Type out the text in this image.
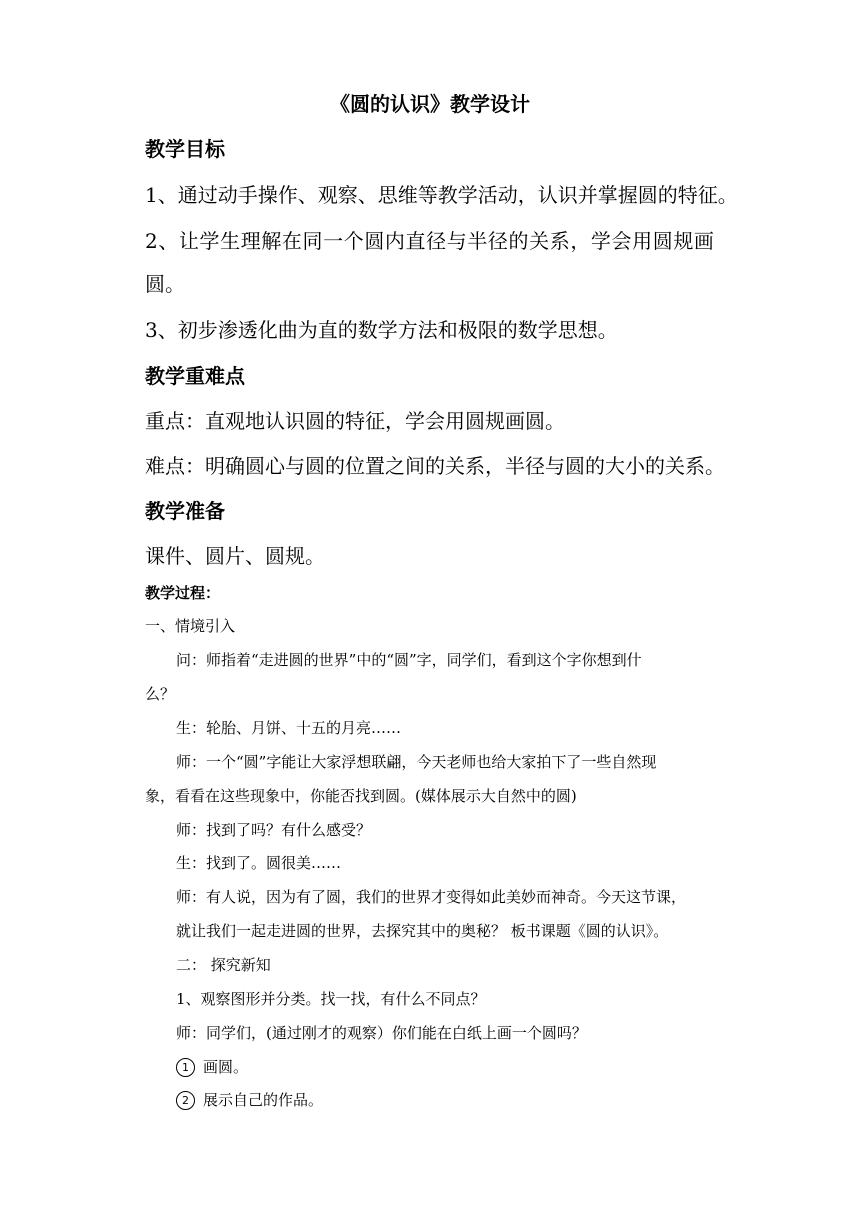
《圆的认识》教学设计
教学目标
1、通过动手操作、观察、思维等教学活动，认识并掌握圆的特征。
2、让学生理解在同一个圆内直径与半径的关系，学会用圆规画
圆。
3、初步渗透化曲为直的数学方法和极限的数学思想。
教学重难点
重点：直观地认识圆的特征，学会用圆规画圆。
难点：明确圆心与圆的位置之间的关系，半径与圆的大小的关系。
教学准备
课件、圆片、圆规。
教学过程：
一、情境引入
问：师指着“走进圆的世界”中的“圆”字，同学们，看到这个字你想到什
么？
生：轮胎、月饼、十五的月亮……
师：一个“圆”字能让大家浮想联翩，今天老师也给大家拍下了一些自然现
象，看看在这些现象中，你能否找到圆。(媒体展示大自然中的圆)
师：找到了吗？有什么感受？
生：找到了。圆很美……
师：有人说，因为有了圆，我们的世界才变得如此美妙而神奇。今天这节课，
就让我们一起走进圆的世界，去探究其中的奥秘？ 板书课题《圆的认识》。
二： 探究新知
1、观察图形并分类。找一找，有什么不同点？
师：同学们，(通过刚才的观察）你们能在白纸上画一个圆吗？
1 画圆。
2 展示自己的作品。
